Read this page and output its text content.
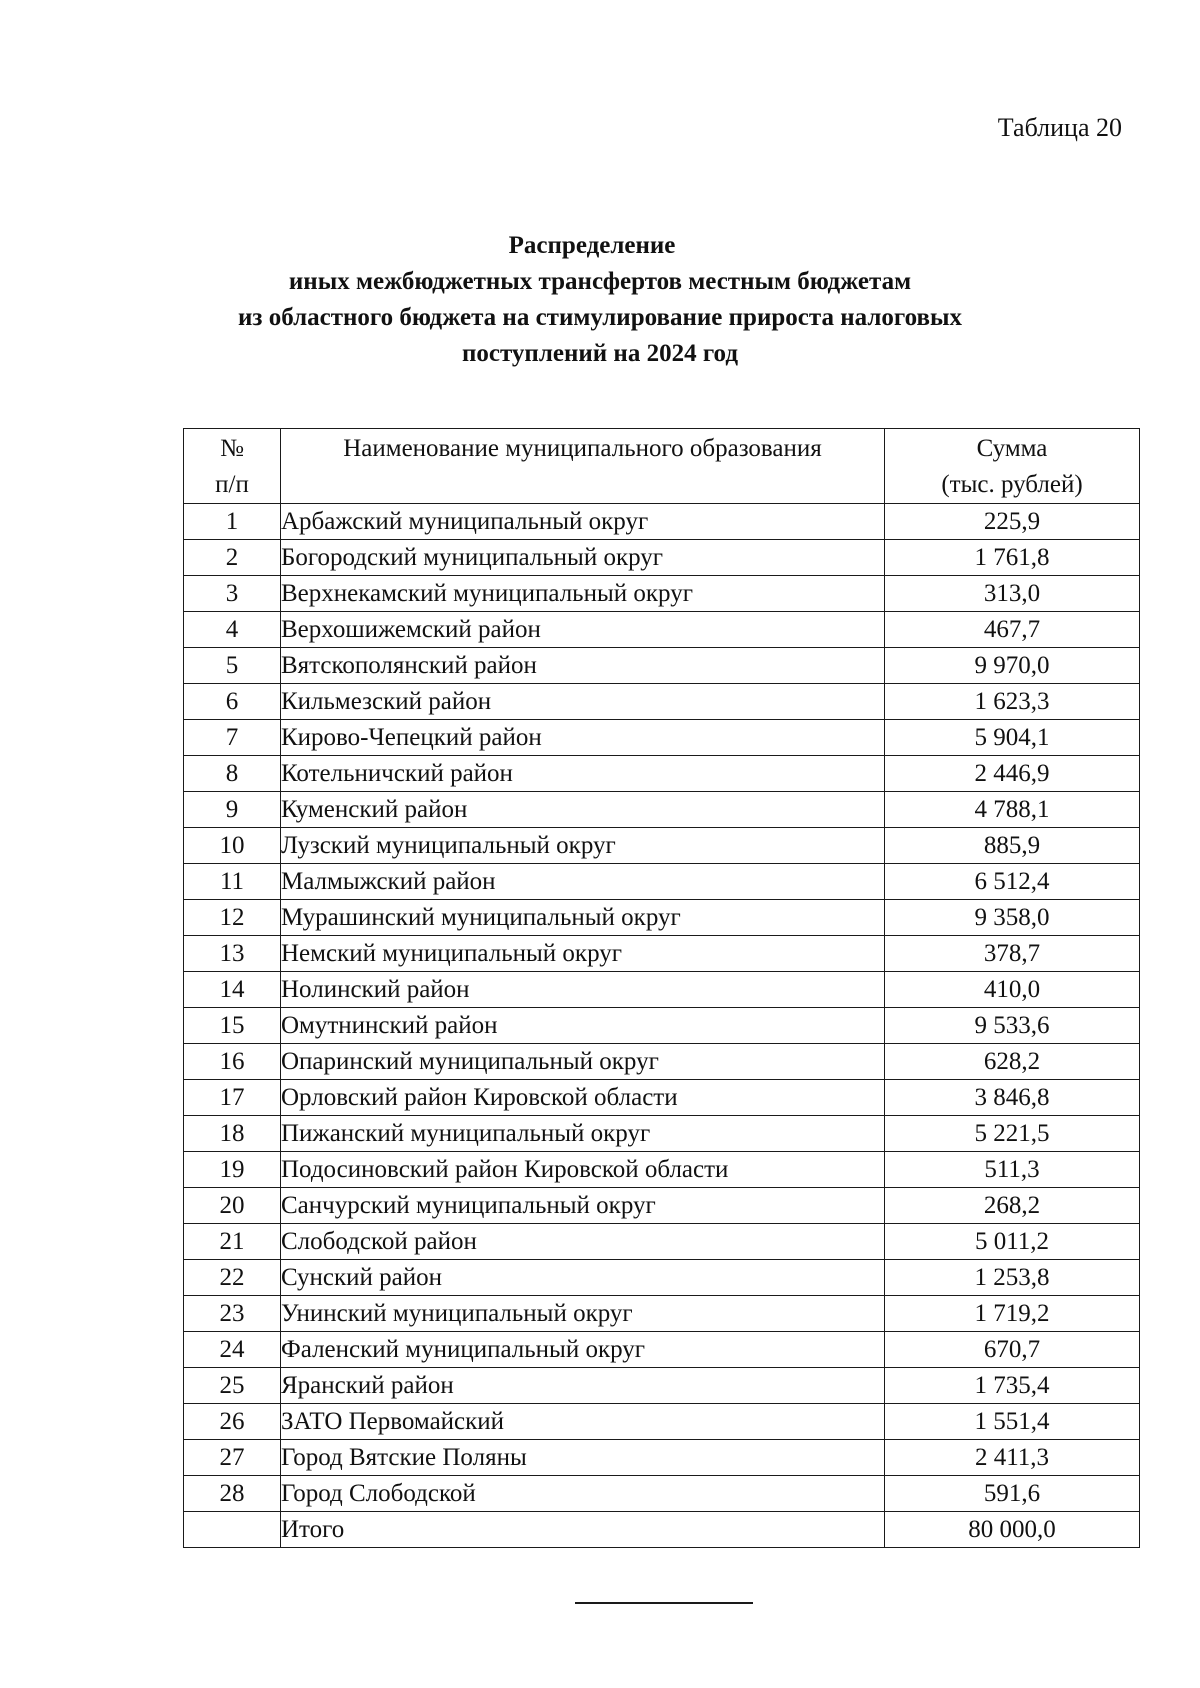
Таблица 20
Распределение
иных межбюджетных трансфертов местным бюджетам
из областного бюджета на стимулирование прироста налоговых
поступлений на 2024 год
№
п/п	Наименование муниципального образования	Сумма
(тыс. рублей)

1	Арбажский муниципальный округ	225,9
2	Богородский муниципальный округ	1 761,8
3	Верхнекамский муниципальный округ	313,0
4	Верхошижемский район	467,7
5	Вятскополянский район	9 970,0
6	Кильмезский район	1 623,3
7	Кирово-Чепецкий район	5 904,1
8	Котельничский район	2 446,9
9	Куменский район	4 788,1
10	Лузский муниципальный округ	885,9
11	Малмыжский район	6 512,4
12	Мурашинский муниципальный округ	9 358,0
13	Немский муниципальный округ	378,7
14	Нолинский район	410,0
15	Омутнинский район	9 533,6
16	Опаринский муниципальный округ	628,2
17	Орловский район Кировской области	3 846,8
18	Пижанский муниципальный округ	5 221,5
19	Подосиновский район Кировской области	511,3
20	Санчурский муниципальный округ	268,2
21	Слободской район	5 011,2
22	Сунский район	1 253,8
23	Унинский муниципальный округ	1 719,2
24	Фаленский муниципальный округ	670,7
25	Яранский район	1 735,4
26	ЗАТО Первомайский	1 551,4
27	Город Вятские Поляны	2 411,3
28	Город Слободской	591,6
	Итого	80 000,0
